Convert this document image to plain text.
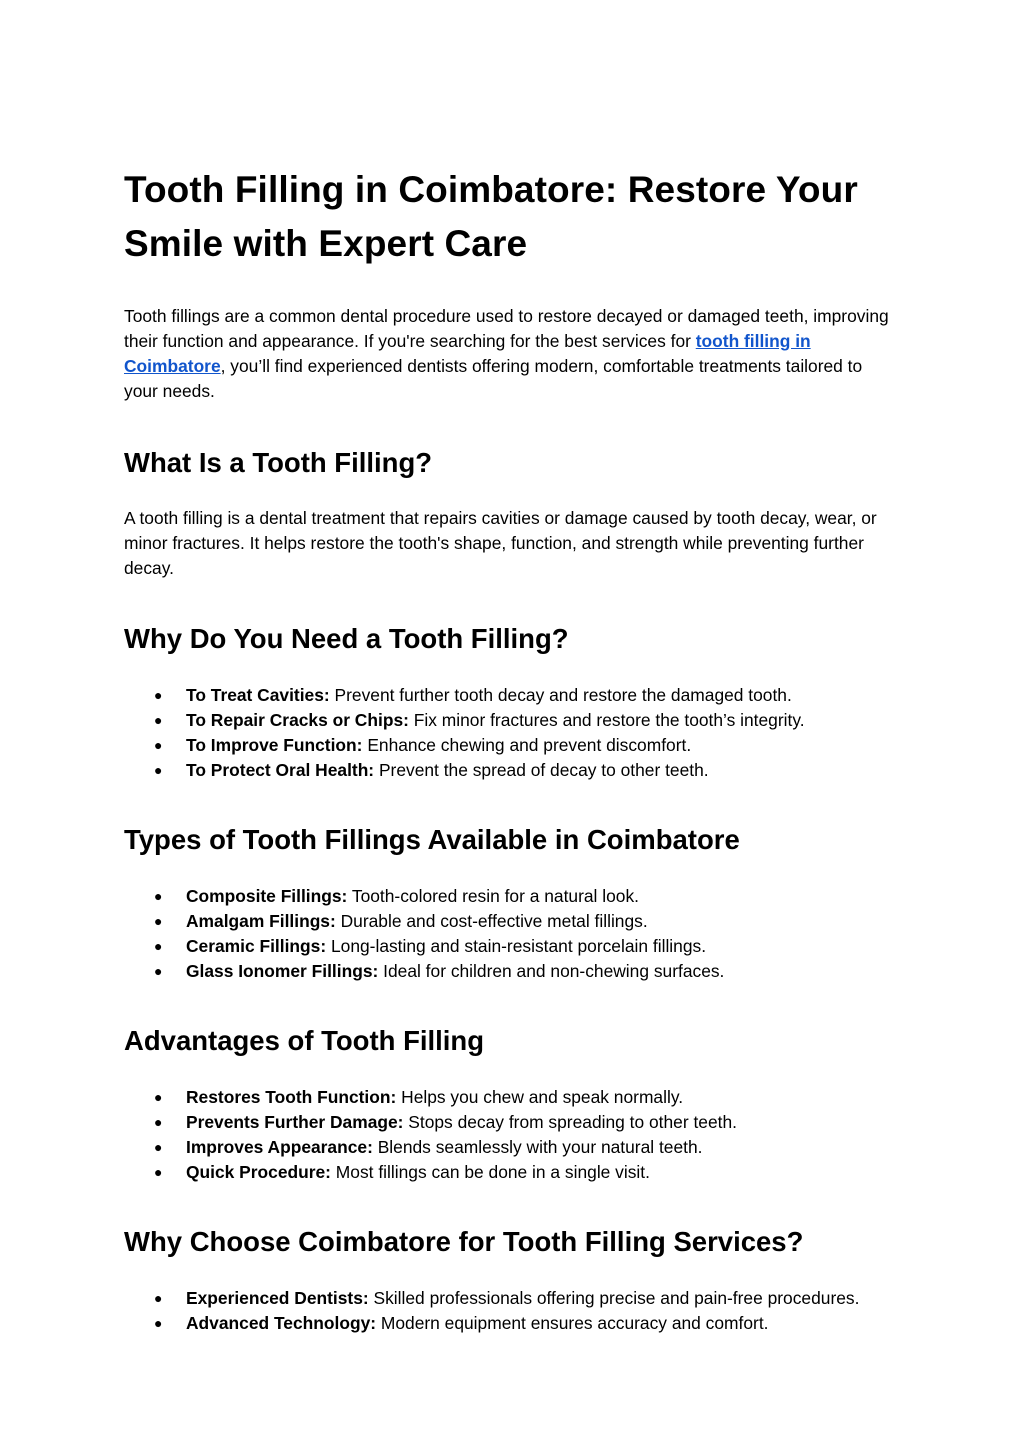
Tooth Filling in Coimbatore: Restore Your Smile with Expert Care

Tooth fillings are a common dental procedure used to restore decayed or damaged teeth, improving their function and appearance. If you're searching for the best services for tooth filling in Coimbatore, you’ll find experienced dentists offering modern, comfortable treatments tailored to your needs.

What Is a Tooth Filling?

A tooth filling is a dental treatment that repairs cavities or damage caused by tooth decay, wear, or minor fractures. It helps restore the tooth's shape, function, and strength while preventing further decay.

Why Do You Need a Tooth Filling?
● To Treat Cavities: Prevent further tooth decay and restore the damaged tooth.
● To Repair Cracks or Chips: Fix minor fractures and restore the tooth’s integrity.
● To Improve Function: Enhance chewing and prevent discomfort.
● To Protect Oral Health: Prevent the spread of decay to other teeth.
Types of Tooth Fillings Available in Coimbatore
● Composite Fillings: Tooth-colored resin for a natural look.
● Amalgam Fillings: Durable and cost-effective metal fillings.
● Ceramic Fillings: Long-lasting and stain-resistant porcelain fillings.
● Glass Ionomer Fillings: Ideal for children and non-chewing surfaces.
Advantages of Tooth Filling
● Restores Tooth Function: Helps you chew and speak normally.
● Prevents Further Damage: Stops decay from spreading to other teeth.
● Improves Appearance: Blends seamlessly with your natural teeth.
● Quick Procedure: Most fillings can be done in a single visit.
Why Choose Coimbatore for Tooth Filling Services?
● Experienced Dentists: Skilled professionals offering precise and pain-free procedures.
● Advanced Technology: Modern equipment ensures accuracy and comfort.
